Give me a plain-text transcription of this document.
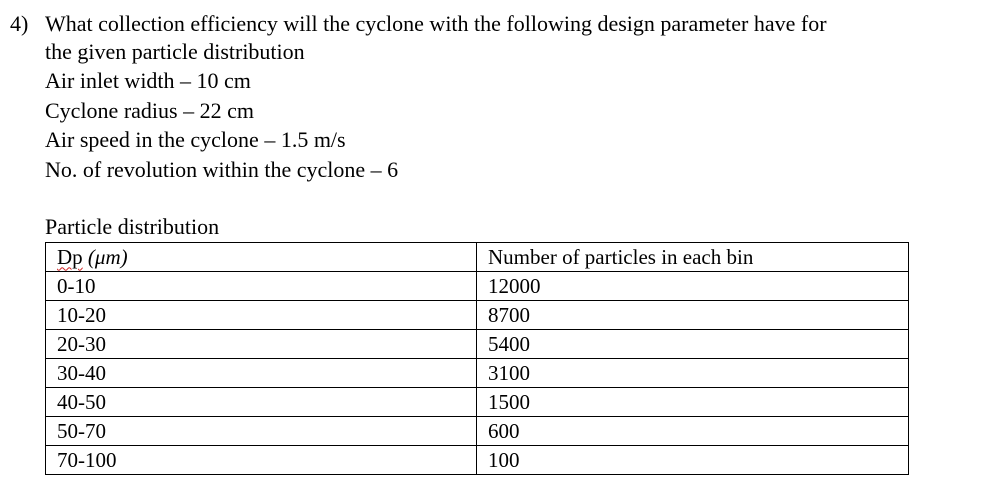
4) What collection efficiency will the cyclone with the following design parameter have for
the given particle distribution
Air inlet width – 10 cm
Cyclone radius – 22 cm
Air speed in the cyclone – 1.5 m/s
No. of revolution within the cyclone – 6
Particle distribution
Dp (μm)	Number of particles in each bin
0-10	12000
10-20	8700
20-30	5400
30-40	3100
40-50	1500
50-70	600
70-100	100
